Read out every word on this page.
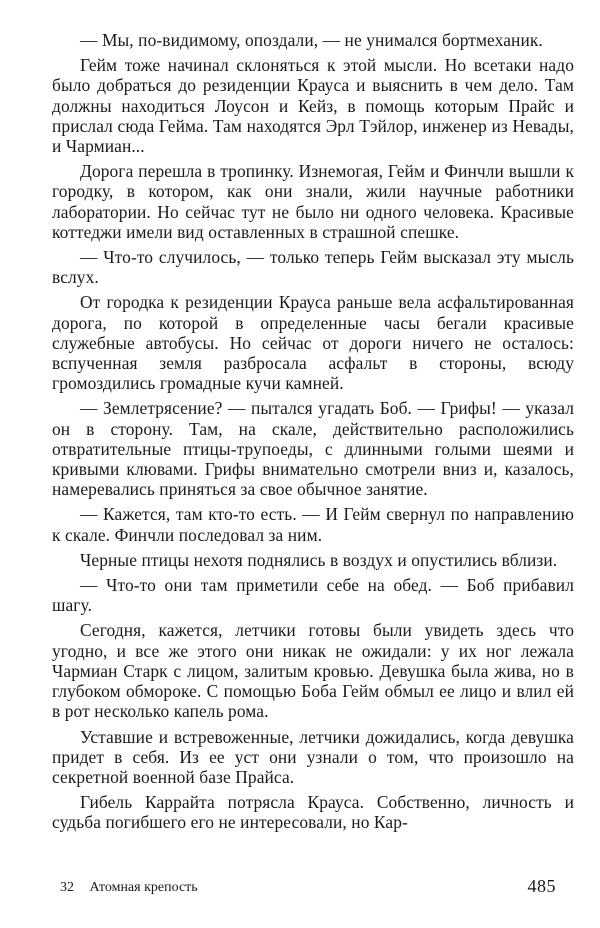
— Мы, по-видимому, опоздали, — не унимался бортмеханик.

Гейм тоже начинал склоняться к этой мысли. Но всетаки надо было добраться до резиденции Крауса и выяснить в чем дело. Там должны находиться Лоусон и Кейз, в помощь которым Прайс и прислал сюда Гейма. Там находятся Эрл Тэйлор, инженер из Невады, и Чармиан...

Дорога перешла в тропинку. Изнемогая, Гейм и Финчли вышли к городку, в котором, как они знали, жили научные работники лаборатории. Но сейчас тут не было ни одного человека. Красивые коттеджи имели вид оставленных в страшной спешке.

— Что-то случилось, — только теперь Гейм высказал эту мысль вслух.

От городка к резиденции Крауса раньше вела асфальтированная дорога, по которой в определенные часы бегали красивые служебные автобусы. Но сейчас от дороги ничего не осталось: вспученная земля разбросала асфальт в стороны, всюду громоздились громадные кучи камней.

— Землетрясение? — пытался угадать Боб. — Грифы! — указал он в сторону. Там, на скале, действительно расположились отвратительные птицы-трупоеды, с длинными голыми шеями и кривыми клювами. Грифы внимательно смотрели вниз и, казалось, намеревались приняться за свое обычное занятие.

— Кажется, там кто-то есть. — И Гейм свернул по направлению к скале. Финчли последовал за ним.

Черные птицы нехотя поднялись в воздух и опустились вблизи.

— Что-то они там приметили себе на обед. — Боб прибавил шагу.

Сегодня, кажется, летчики готовы были увидеть здесь что угодно, и все же этого они никак не ожидали: у их ног лежала Чармиан Старк с лицом, залитым кровью. Девушка была жива, но в глубоком обмороке. С помощью Боба Гейм обмыл ее лицо и влил ей в рот несколько капель рома.

Уставшие и встревоженные, летчики дожидались, когда девушка придет в себя. Из ее уст они узнали о том, что произошло на секретной военной базе Прайса.

Гибель Каррайта потрясла Крауса. Собственно, личность и судьба погибшего его не интересовали, но Кар-

32 Атомная крепость	485
